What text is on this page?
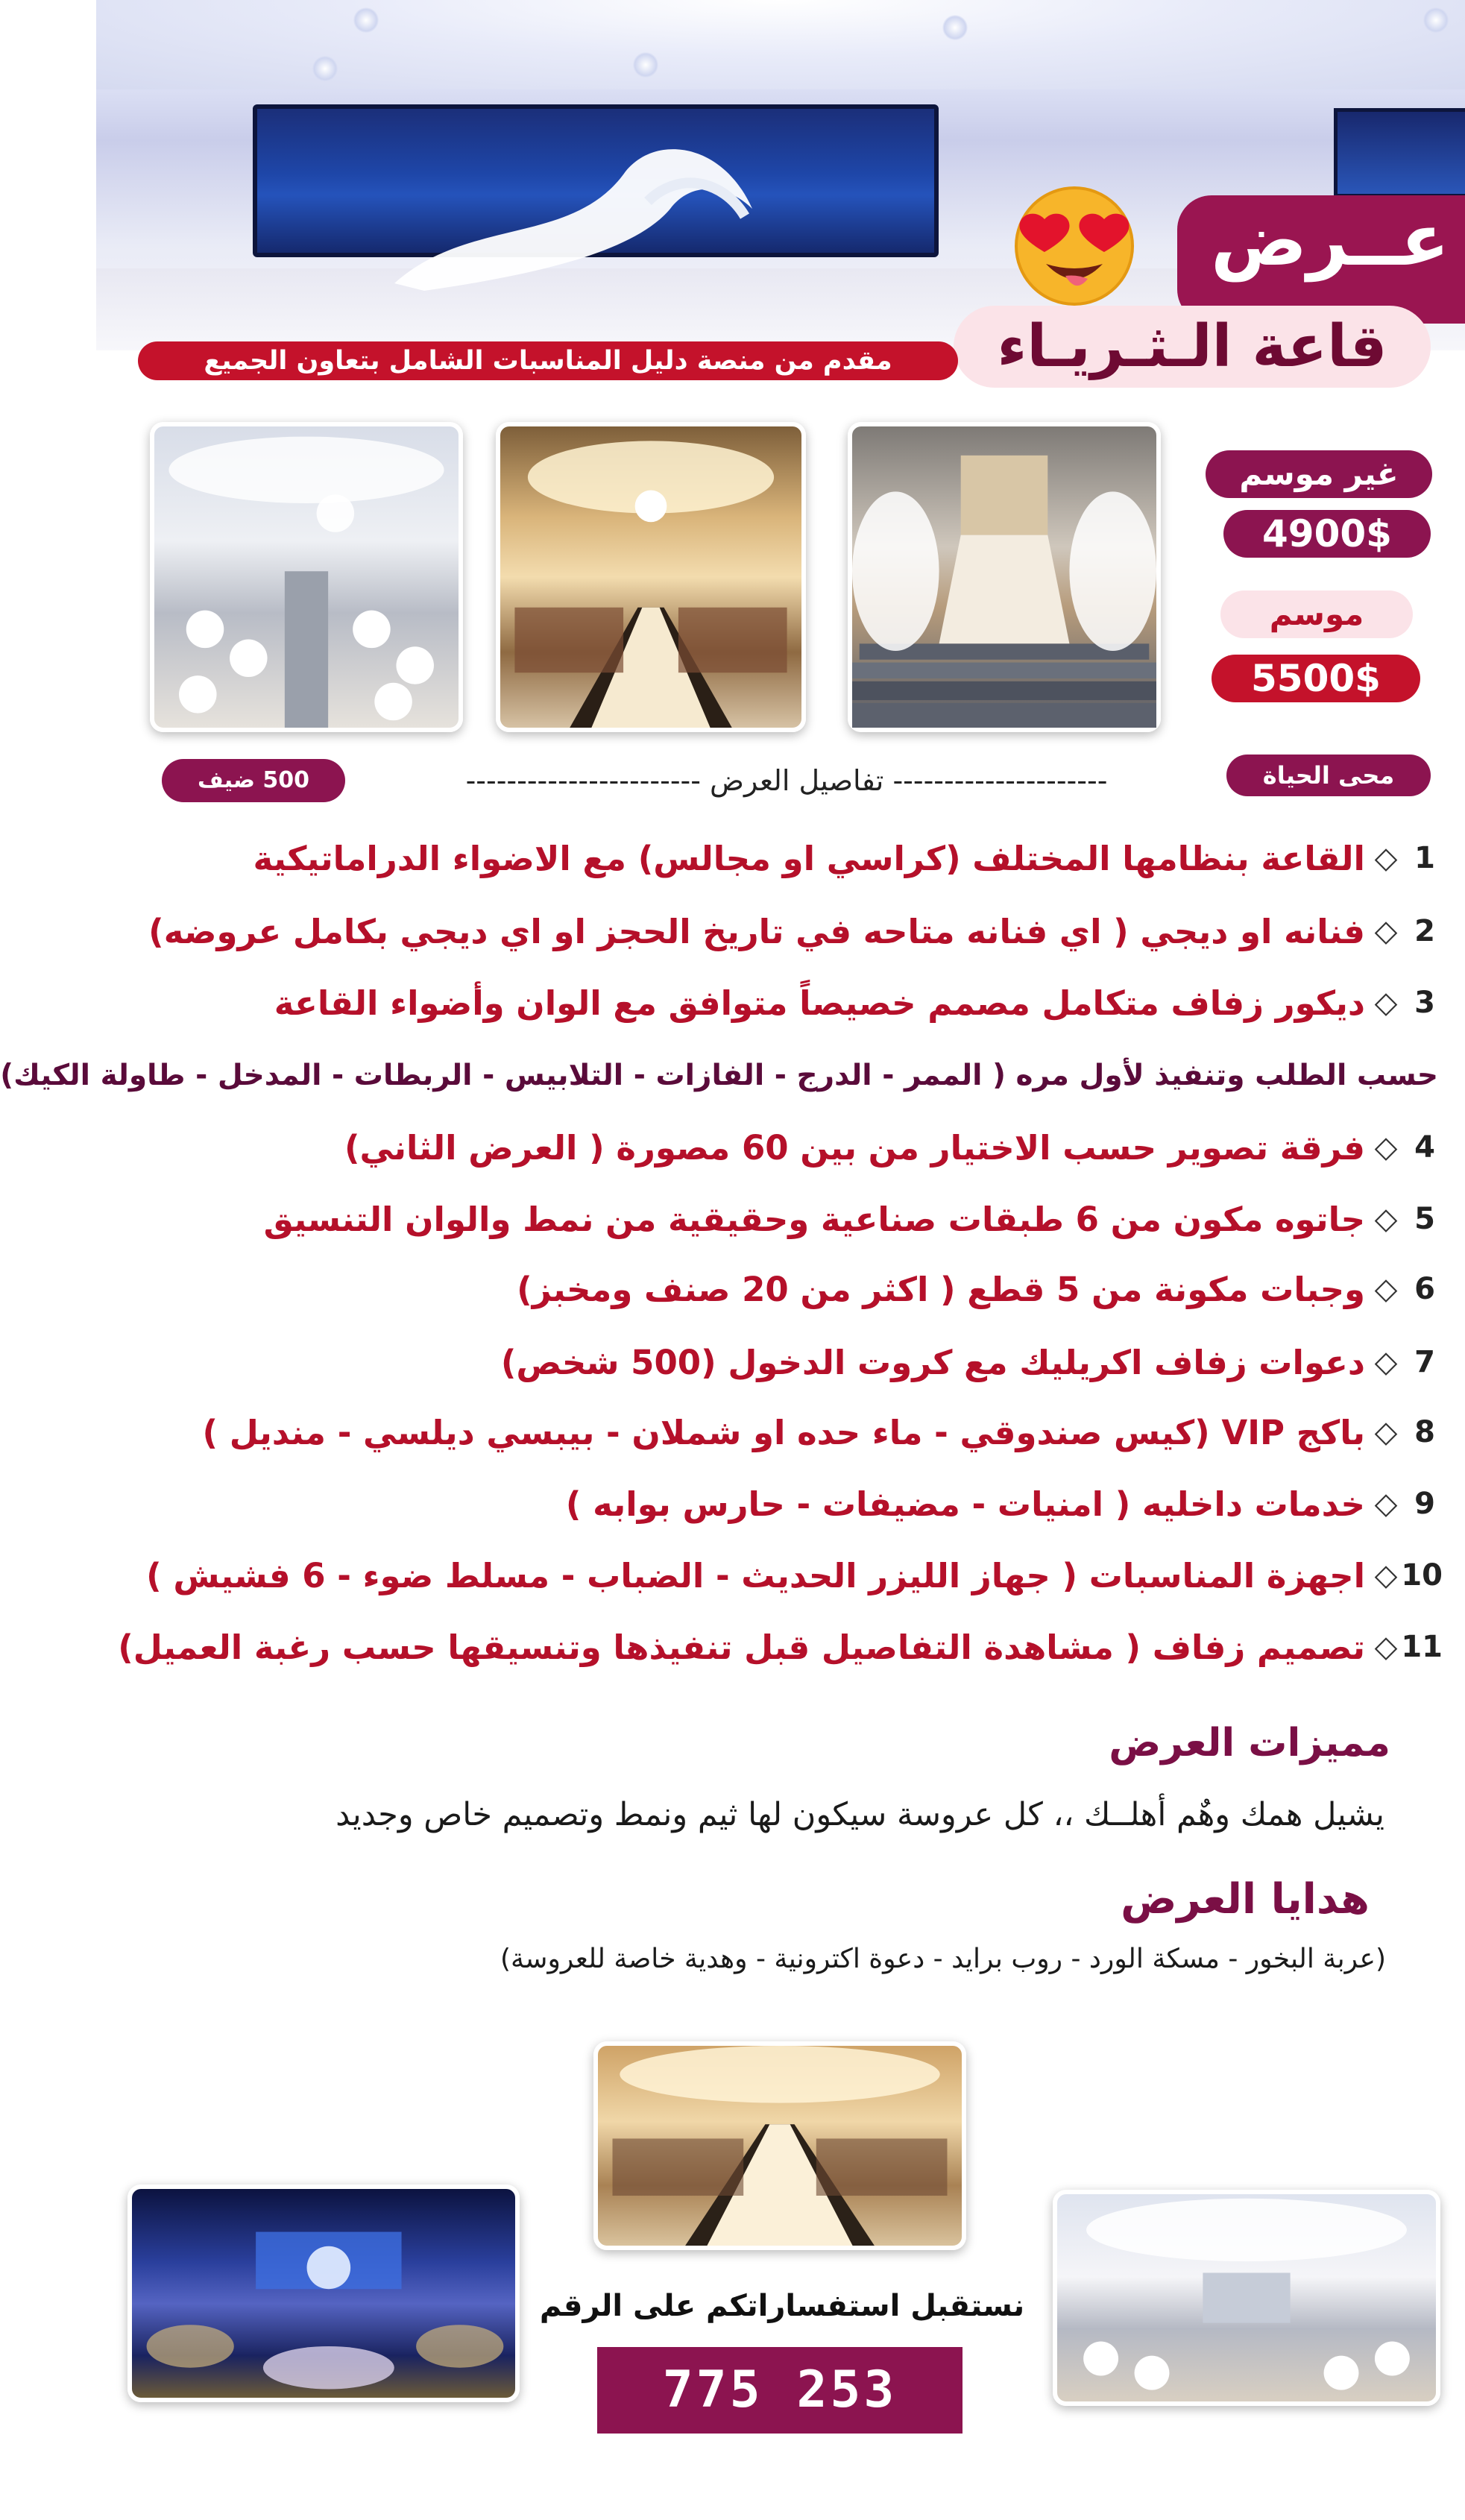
عــرض
قاعة الـثـريـاء
مقدم من منصة دليل المناسبات الشامل بتعاون الجميع
غير موسم
4900$
موسم
5500$
محى الحياة
--------------------- تفاصيل العرض -----------------------
500 ضيف
1
◇
القاعة بنظامها المختلف (كراسي او مجالس) مع الاضواء الدراماتيكية
2
◇
فنانه او ديجي ( اي فنانه متاحه في تاريخ الحجز او اي ديجي بكامل عروضه)
3
◇
ديكور زفاف متكامل مصمم خصيصاً متوافق مع الوان وأضواء القاعة
حسب الطلب وتنفيذ لأول مره ( الممر - الدرج - الفازات - التلابيس - الربطات - المدخل - طاولة الكيك)
4
◇
فرقة تصوير حسب الاختيار من بين 60 مصورة ( العرض الثاني)
5
◇
جاتوه مكون من 6 طبقات صناعية وحقيقية من نمط والوان التنسيق
6
◇
وجبات مكونة من 5 قطع ( اكثر من 20 صنف ومخبز)
7
◇
دعوات زفاف اكريليك مع كروت الدخول (500 شخص)
8
◇
باكج VIP (كيس صندوقي - ماء حده او شملان - بيبسي ديلسي - منديل )
9
◇
خدمات داخليه ( امنيات - مضيفات - حارس بوابه )
10
◇
اجهزة المناسبات ( جهاز الليزر الحديث - الضباب - مسلط ضوء - 6 فشيش )
11
◇
تصميم زفاف ( مشاهدة التفاصيل قبل تنفيذها وتنسيقها حسب رغبة العميل)
مميزات العرض
يشيل همك وهٌم أهلــك ،، كل عروسة سيكون لها ثيم ونمط وتصميم خاص وجديد
هدايا العرض
(عربة البخور - مسكة الورد - روب برايد - دعوة اكترونية - وهدية خاصة للعروسة)
نستقبل استفساراتكم على الرقم
775 253 244
